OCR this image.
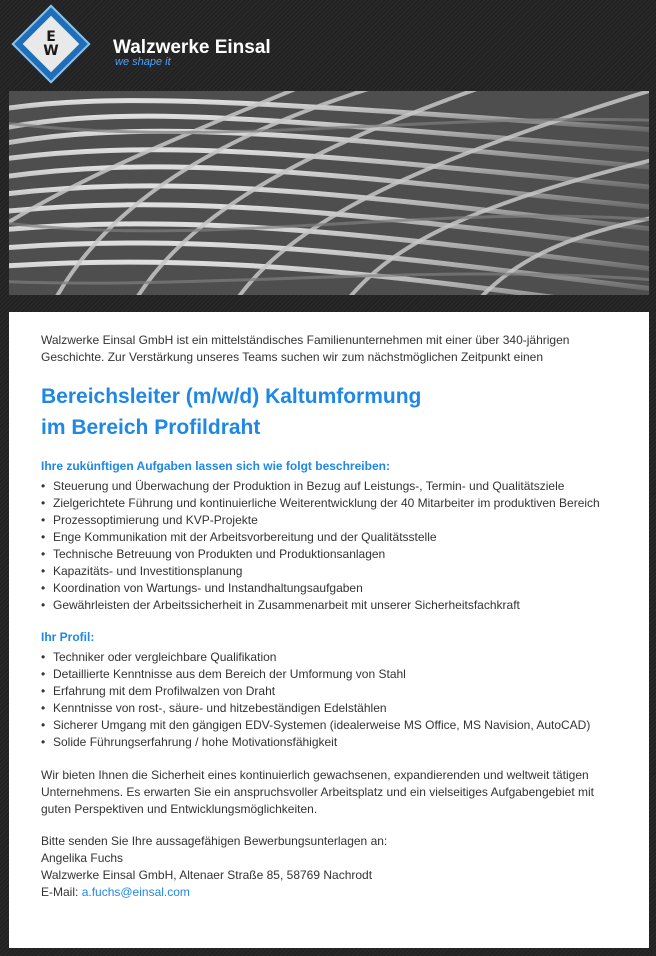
E
W	Walzwerke Einsal
we shape it
Walzwerke Einsal GmbH ist ein mittelständisches Familienunternehmen mit einer über 340-jährigen Geschichte. Zur Verstärkung unseres Teams suchen wir zum nächstmöglichen Zeitpunkt einen
Bereichsleiter (m/w/d) Kaltumformung
im Bereich Profildraht
Ihre zukünftigen Aufgaben lassen sich wie folgt beschreiben:
• Steuerung und Überwachung der Produktion in Bezug auf Leistungs-, Termin- und Qualitätsziele
• Zielgerichtete Führung und kontinuierliche Weiterentwicklung der 40 Mitarbeiter im produktiven Bereich
• Prozessoptimierung und KVP-Projekte
• Enge Kommunikation mit der Arbeitsvorbereitung und der Qualitätsstelle
• Technische Betreuung von Produkten und Produktionsanlagen
• Kapazitäts- und Investitionsplanung
• Koordination von Wartungs- und Instandhaltungsaufgaben
• Gewährleisten der Arbeitssicherheit in Zusammenarbeit mit unserer Sicherheitsfachkraft
Ihr Profil:
• Techniker oder vergleichbare Qualifikation
• Detaillierte Kenntnisse aus dem Bereich der Umformung von Stahl
• Erfahrung mit dem Profilwalzen von Draht
• Kenntnisse von rost-, säure- und hitzebeständigen Edelstählen
• Sicherer Umgang mit den gängigen EDV-Systemen (idealerweise MS Office, MS Navision, AutoCAD)
• Solide Führungserfahrung / hohe Motivationsfähigkeit
Wir bieten Ihnen die Sicherheit eines kontinuierlich gewachsenen, expandierenden und weltweit tätigen Unternehmens. Es erwarten Sie ein anspruchsvoller Arbeitsplatz und ein vielseitiges Aufgabengebiet mit guten Perspektiven und Entwicklungsmöglichkeiten.
Bitte senden Sie Ihre aussagefähigen Bewerbungsunterlagen an:
Angelika Fuchs
Walzwerke Einsal GmbH, Altenaer Straße 85, 58769 Nachrodt
E-Mail: a.fuchs@einsal.com
